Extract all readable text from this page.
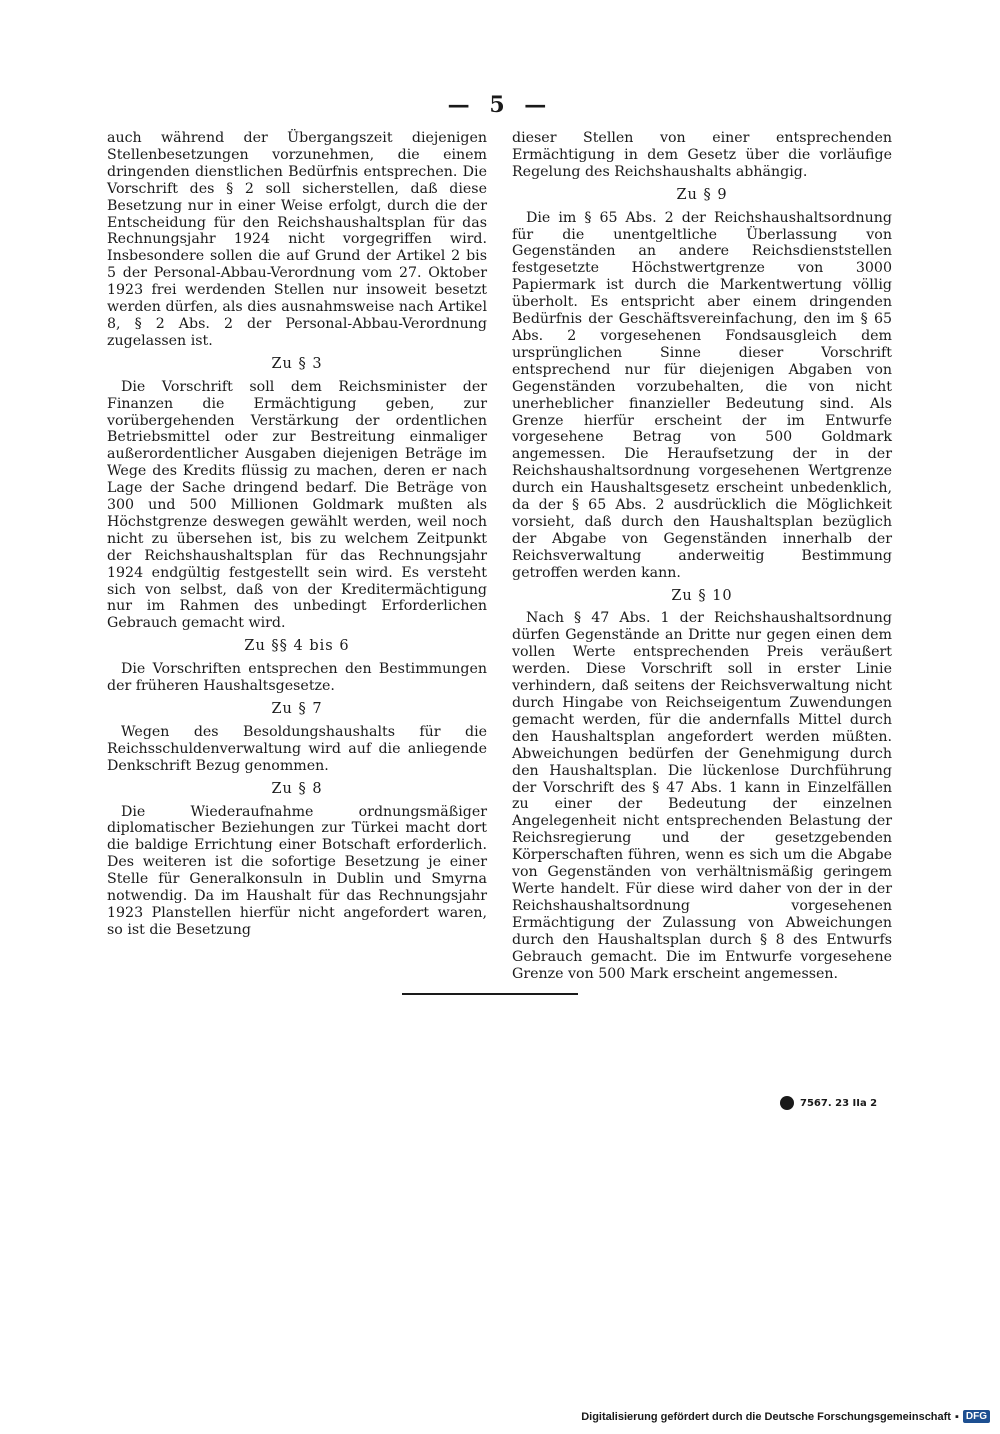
— 5 —

auch während der Übergangszeit diejenigen Stellenbesetzungen vorzunehmen, die einem dringenden dienstlichen Bedürfnis entsprechen. Die Vorschrift des § 2 soll sicherstellen, daß diese Besetzung nur in einer Weise erfolgt, durch die der Entscheidung für den Reichshaushaltsplan für das Rechnungsjahr 1924 nicht vorgegriffen wird. Insbesondere sollen die auf Grund der Artikel 2 bis 5 der Personal-Abbau-Verordnung vom 27. Oktober 1923 frei werdenden Stellen nur insoweit besetzt werden dürfen, als dies ausnahmsweise nach Artikel 8, § 2 Abs. 2 der Personal-Abbau-Verordnung zugelassen ist.

Zu § 3

Die Vorschrift soll dem Reichsminister der Finanzen die Ermächtigung geben, zur vorübergehenden Verstärkung der ordentlichen Betriebsmittel oder zur Bestreitung einmaliger außerordentlicher Ausgaben diejenigen Beträge im Wege des Kredits flüssig zu machen, deren er nach Lage der Sache dringend bedarf. Die Beträge von 300 und 500 Millionen Goldmark mußten als Höchstgrenze deswegen gewählt werden, weil noch nicht zu übersehen ist, bis zu welchem Zeitpunkt der Reichshaushaltsplan für das Rechnungsjahr 1924 endgültig festgestellt sein wird. Es versteht sich von selbst, daß von der Kreditermächtigung nur im Rahmen des unbedingt Erforderlichen Gebrauch gemacht wird.

Zu §§ 4 bis 6

Die Vorschriften entsprechen den Bestimmungen der früheren Haushaltsgesetze.

Zu § 7

Wegen des Besoldungshaushalts für die Reichsschuldenverwaltung wird auf die anliegende Denkschrift Bezug genommen.

Zu § 8

Die Wiederaufnahme ordnungsmäßiger diplomatischer Beziehungen zur Türkei macht dort die baldige Errichtung einer Botschaft erforderlich. Des weiteren ist die sofortige Besetzung je einer Stelle für Generalkonsuln in Dublin und Smyrna notwendig. Da im Haushalt für das Rechnungsjahr 1923 Planstellen hierfür nicht angefordert waren, so ist die Besetzung

dieser Stellen von einer entsprechenden Ermächtigung in dem Gesetz über die vorläufige Regelung des Reichshaushalts abhängig.

Zu § 9

Die im § 65 Abs. 2 der Reichshaushaltsordnung für die unentgeltliche Überlassung von Gegenständen an andere Reichsdienststellen festgesetzte Höchstwertgrenze von 3000 Papiermark ist durch die Markentwertung völlig überholt. Es entspricht aber einem dringenden Bedürfnis der Geschäftsvereinfachung, den im § 65 Abs. 2 vorgesehenen Fondsausgleich dem ursprünglichen Sinne dieser Vorschrift entsprechend nur für diejenigen Abgaben von Gegenständen vorzubehalten, die von nicht unerheblicher finanzieller Bedeutung sind. Als Grenze hierfür erscheint der im Entwurfe vorgesehene Betrag von 500 Goldmark angemessen. Die Heraufsetzung der in der Reichshaushaltsordnung vorgesehenen Wertgrenze durch ein Haushaltsgesetz erscheint unbedenklich, da der § 65 Abs. 2 ausdrücklich die Möglichkeit vorsieht, daß durch den Haushaltsplan bezüglich der Abgabe von Gegenständen innerhalb der Reichsverwaltung anderweitig Bestimmung getroffen werden kann.

Zu § 10

Nach § 47 Abs. 1 der Reichshaushaltsordnung dürfen Gegenstände an Dritte nur gegen einen dem vollen Werte entsprechenden Preis veräußert werden. Diese Vorschrift soll in erster Linie verhindern, daß seitens der Reichsverwaltung nicht durch Hingabe von Reichseigentum Zuwendungen gemacht werden, für die andernfalls Mittel durch den Haushaltsplan angefordert werden müßten. Abweichungen bedürfen der Genehmigung durch den Haushaltsplan. Die lückenlose Durchführung der Vorschrift des § 47 Abs. 1 kann in Einzelfällen zu einer der Bedeutung der einzelnen Angelegenheit nicht entsprechenden Belastung der Reichsregierung und der gesetzgebenden Körperschaften führen, wenn es sich um die Abgabe von Gegenständen von verhältnismäßig geringem Werte handelt. Für diese wird daher von der in der Reichshaushaltsordnung vorgesehenen Ermächtigung der Zulassung von Abweichungen durch den Haushaltsplan durch § 8 des Entwurfs Gebrauch gemacht. Die im Entwurfe vorgesehene Grenze von 500 Mark erscheint angemessen.

7567. 23 IIa 2
Digitalisierung gefördert durch die Deutsche Forschungsgemeinschaft ▪ DFG
